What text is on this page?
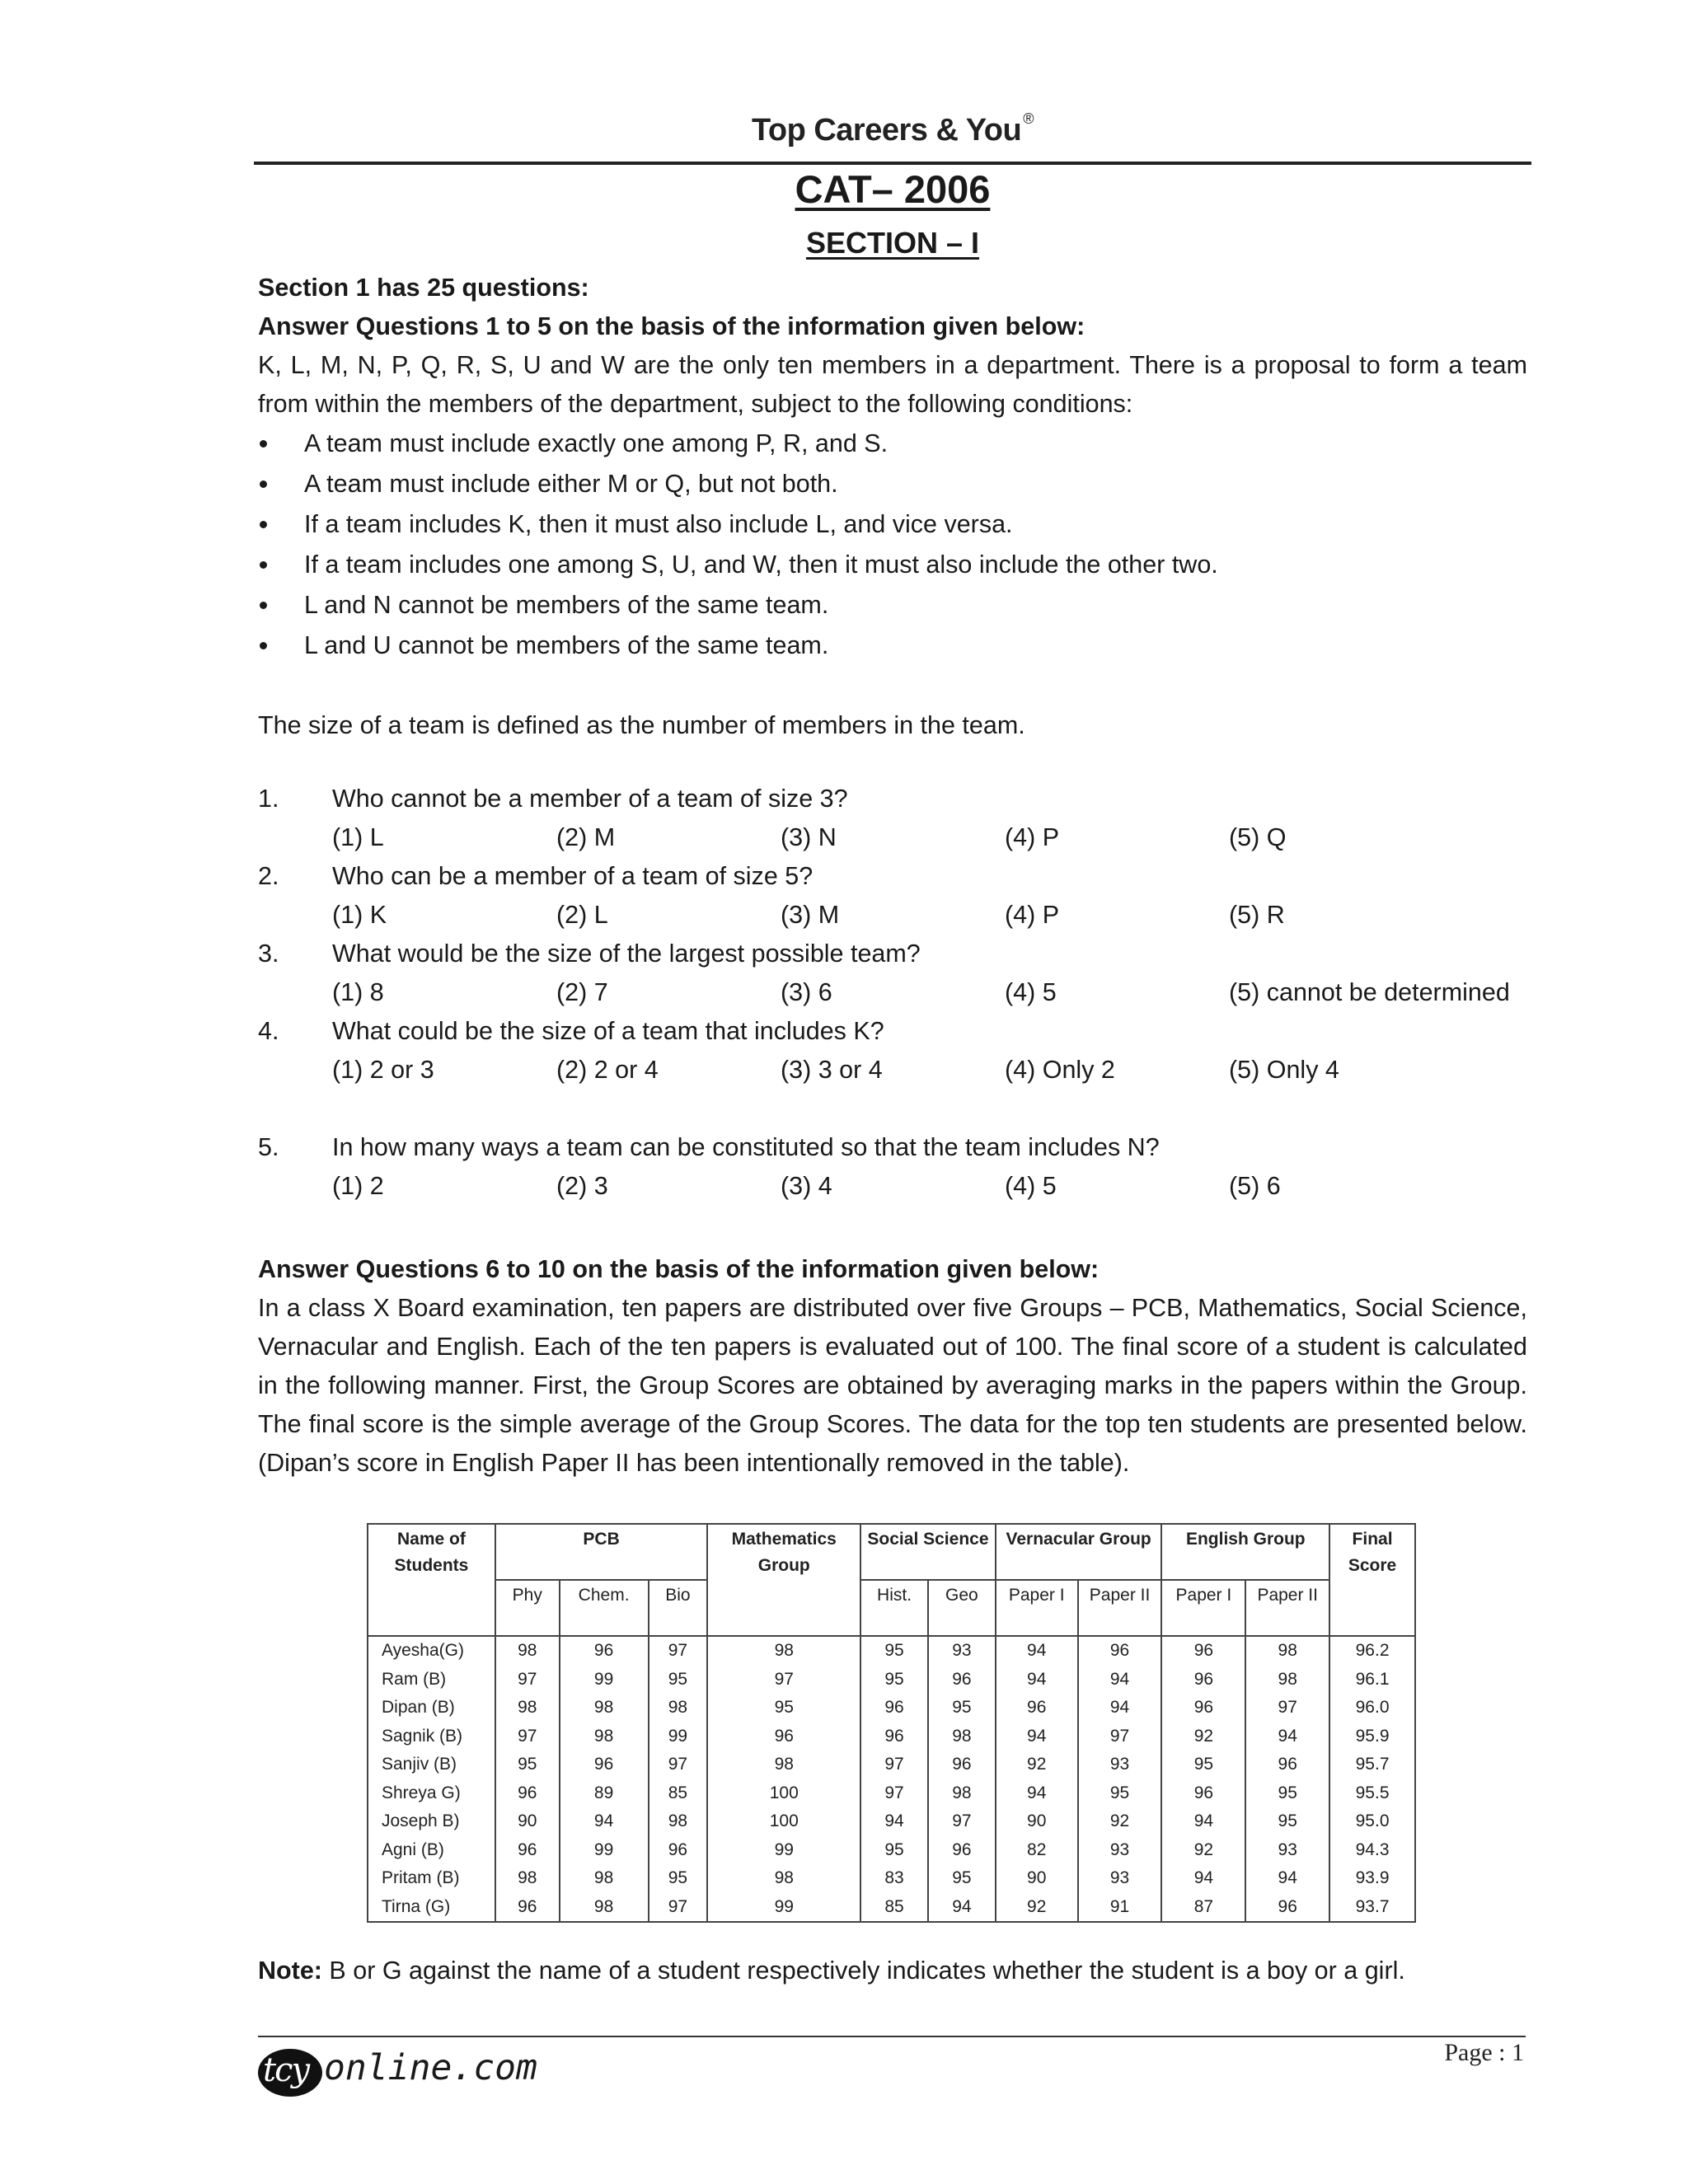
Top Careers & You ®
CAT– 2006
SECTION – I
Section 1 has 25 questions:
Answer Questions 1 to 5 on the basis of the information given below:
K, L, M, N, P, Q, R, S, U and W are the only ten members in a department. There is a proposal to form a team from within the members of the department, subject to the following conditions:
A team must include exactly one among P, R, and S.
A team must include either M or Q, but not both.
If a team includes K, then it must also include L, and vice versa.
If a team includes one among S, U, and W, then it must also include the other two.
L and N cannot be members of the same team.
L and U cannot be members of the same team.
The size of a team is defined as the number of members in the team.
1. Who cannot be a member of a team of size 3?
(1) L	(2) M	(3) N	(4) P	(5) Q
2. Who can be a member of a team of size 5?
(1) K	(2) L	(3) M	(4) P	(5) R
3. What would be the size of the largest possible team?
(1) 8	(2) 7	(3) 6	(4) 5	(5) cannot be determined
4. What could be the size of a team that includes K?
(1) 2 or 3	(2) 2 or 4	(3) 3 or 4	(4) Only 2	(5) Only 4
5. In how many ways a team can be constituted so that the team includes N?
(1) 2	(2) 3	(3) 4	(4) 5	(5) 6
Answer Questions 6 to 10 on the basis of the information given below:
In a class X Board examination, ten papers are distributed over five Groups – PCB, Mathematics, Social Science, Vernacular and English. Each of the ten papers is evaluated out of 100. The final score of a student is calculated in the following manner. First, the Group Scores are obtained by averaging marks in the papers within the Group. The final score is the simple average of the Group Scores. The data for the top ten students are presented below. (Dipan’s score in English Paper II has been intentionally removed in the table).
Name of Students	PCB			Mathematics Group	Social Science		Vernacular Group		English Group		Final Score
	Phy	Chem.	Bio		Hist.	Geo	Paper I	Paper II	Paper I	Paper II	
Ayesha(G)	98	96	97	98	95	93	94	96	96	98	96.2
Ram (B)	97	99	95	97	95	96	94	94	96	98	96.1
Dipan (B)	98	98	98	95	96	95	96	94	96	97	96.0
Sagnik (B)	97	98	99	96	96	98	94	97	92	94	95.9
Sanjiv (B)	95	96	97	98	97	96	92	93	95	96	95.7
Shreya G)	96	89	85	100	97	98	94	95	96	95	95.5
Joseph B)	90	94	98	100	94	97	90	92	94	95	95.0
Agni (B)	96	99	96	99	95	96	82	93	92	93	94.3
Pritam (B)	98	98	95	98	83	95	90	93	94	94	93.9
Tirna (G)	96	98	97	99	85	94	92	91	87	96	93.7
Note: B or G against the name of a student respectively indicates whether the student is a boy or a girl.
tcy online.com	Page : 1
